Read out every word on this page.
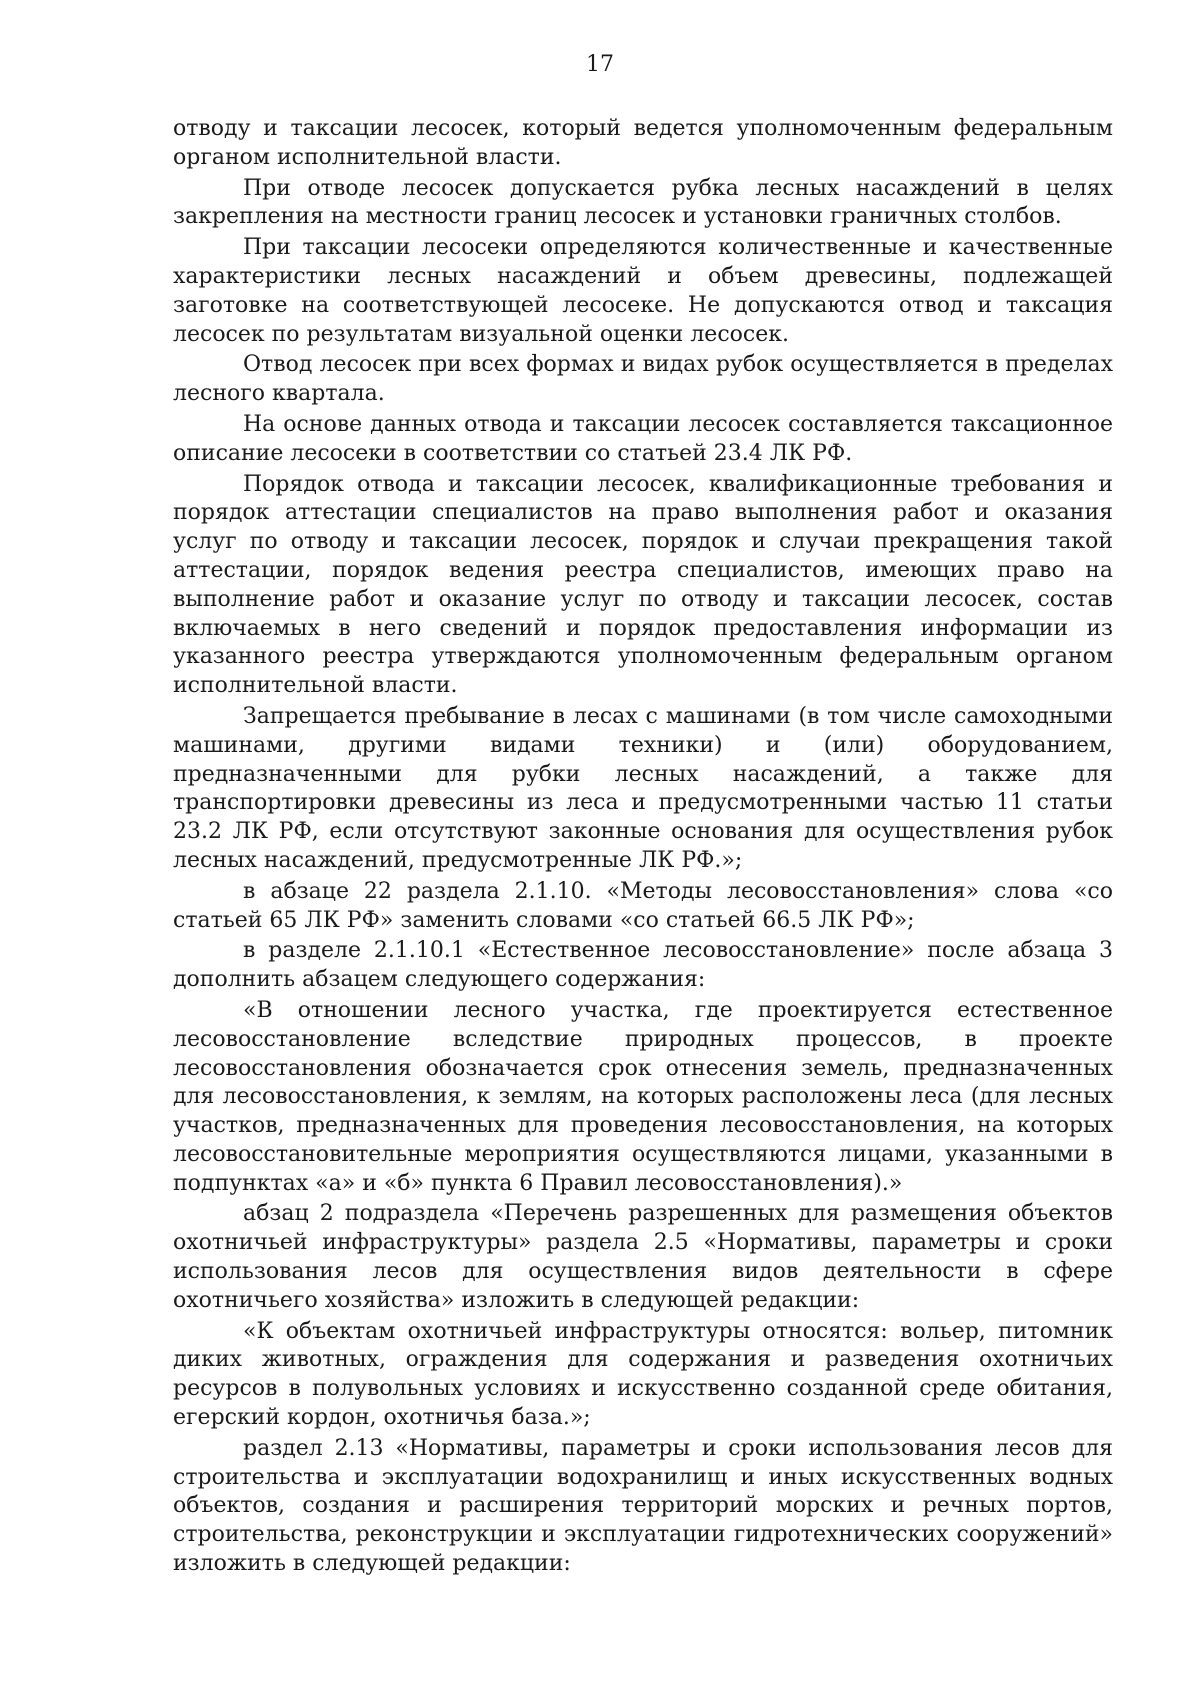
17

отводу и таксации лесосек, который ведется уполномоченным федеральным органом исполнительной власти.

При отводе лесосек допускается рубка лесных насаждений в целях закрепления на местности границ лесосек и установки граничных столбов.

При таксации лесосеки определяются количественные и качественные характеристики лесных насаждений и объем древесины, подлежащей заготовке на соответствующей лесосеке. Не допускаются отвод и таксация лесосек по результатам визуальной оценки лесосек.

Отвод лесосек при всех формах и видах рубок осуществляется в пределах лесного квартала.

На основе данных отвода и таксации лесосек составляется таксационное описание лесосеки в соответствии со статьей 23.4 ЛК РФ.

Порядок отвода и таксации лесосек, квалификационные требования и порядок аттестации специалистов на право выполнения работ и оказания услуг по отводу и таксации лесосек, порядок и случаи прекращения такой аттестации, порядок ведения реестра специалистов, имеющих право на выполнение работ и оказание услуг по отводу и таксации лесосек, состав включаемых в него сведений и порядок предоставления информации из указанного реестра утверждаются уполномоченным федеральным органом исполнительной власти.

Запрещается пребывание в лесах с машинами (в том числе самоходными машинами, другими видами техники) и (или) оборудованием, предназначенными для рубки лесных насаждений, а также для транспортировки древесины из леса и предусмотренными частью 11 статьи 23.2 ЛК РФ, если отсутствуют законные основания для осуществления рубок лесных насаждений, предусмотренные ЛК РФ.»;

в абзаце 22 раздела 2.1.10. «Методы лесовосстановления» слова «со статьей 65 ЛК РФ» заменить словами «со статьей 66.5 ЛК РФ»;

в разделе 2.1.10.1 «Естественное лесовосстановление» после абзаца 3 дополнить абзацем следующего содержания:

«В отношении лесного участка, где проектируется естественное лесовосстановление вследствие природных процессов, в проекте лесовосстановления обозначается срок отнесения земель, предназначенных для лесовосстановления, к землям, на которых расположены леса (для лесных участков, предназначенных для проведения лесовосстановления, на которых лесовосстановительные мероприятия осуществляются лицами, указанными в подпунктах «а» и «б» пункта 6 Правил лесовосстановления).»

абзац 2 подраздела «Перечень разрешенных для размещения объектов охотничьей инфраструктуры» раздела 2.5 «Нормативы, параметры и сроки использования лесов для осуществления видов деятельности в сфере охотничьего хозяйства» изложить в следующей редакции:

«К объектам охотничьей инфраструктуры относятся: вольер, питомник диких животных, ограждения для содержания и разведения охотничьих ресурсов в полувольных условиях и искусственно созданной среде обитания, егерский кордон, охотничья база.»;

раздел 2.13 «Нормативы, параметры и сроки использования лесов для строительства и эксплуатации водохранилищ и иных искусственных водных объектов, создания и расширения территорий морских и речных портов, строительства, реконструкции и эксплуатации гидротехнических сооружений» изложить в следующей редакции:
